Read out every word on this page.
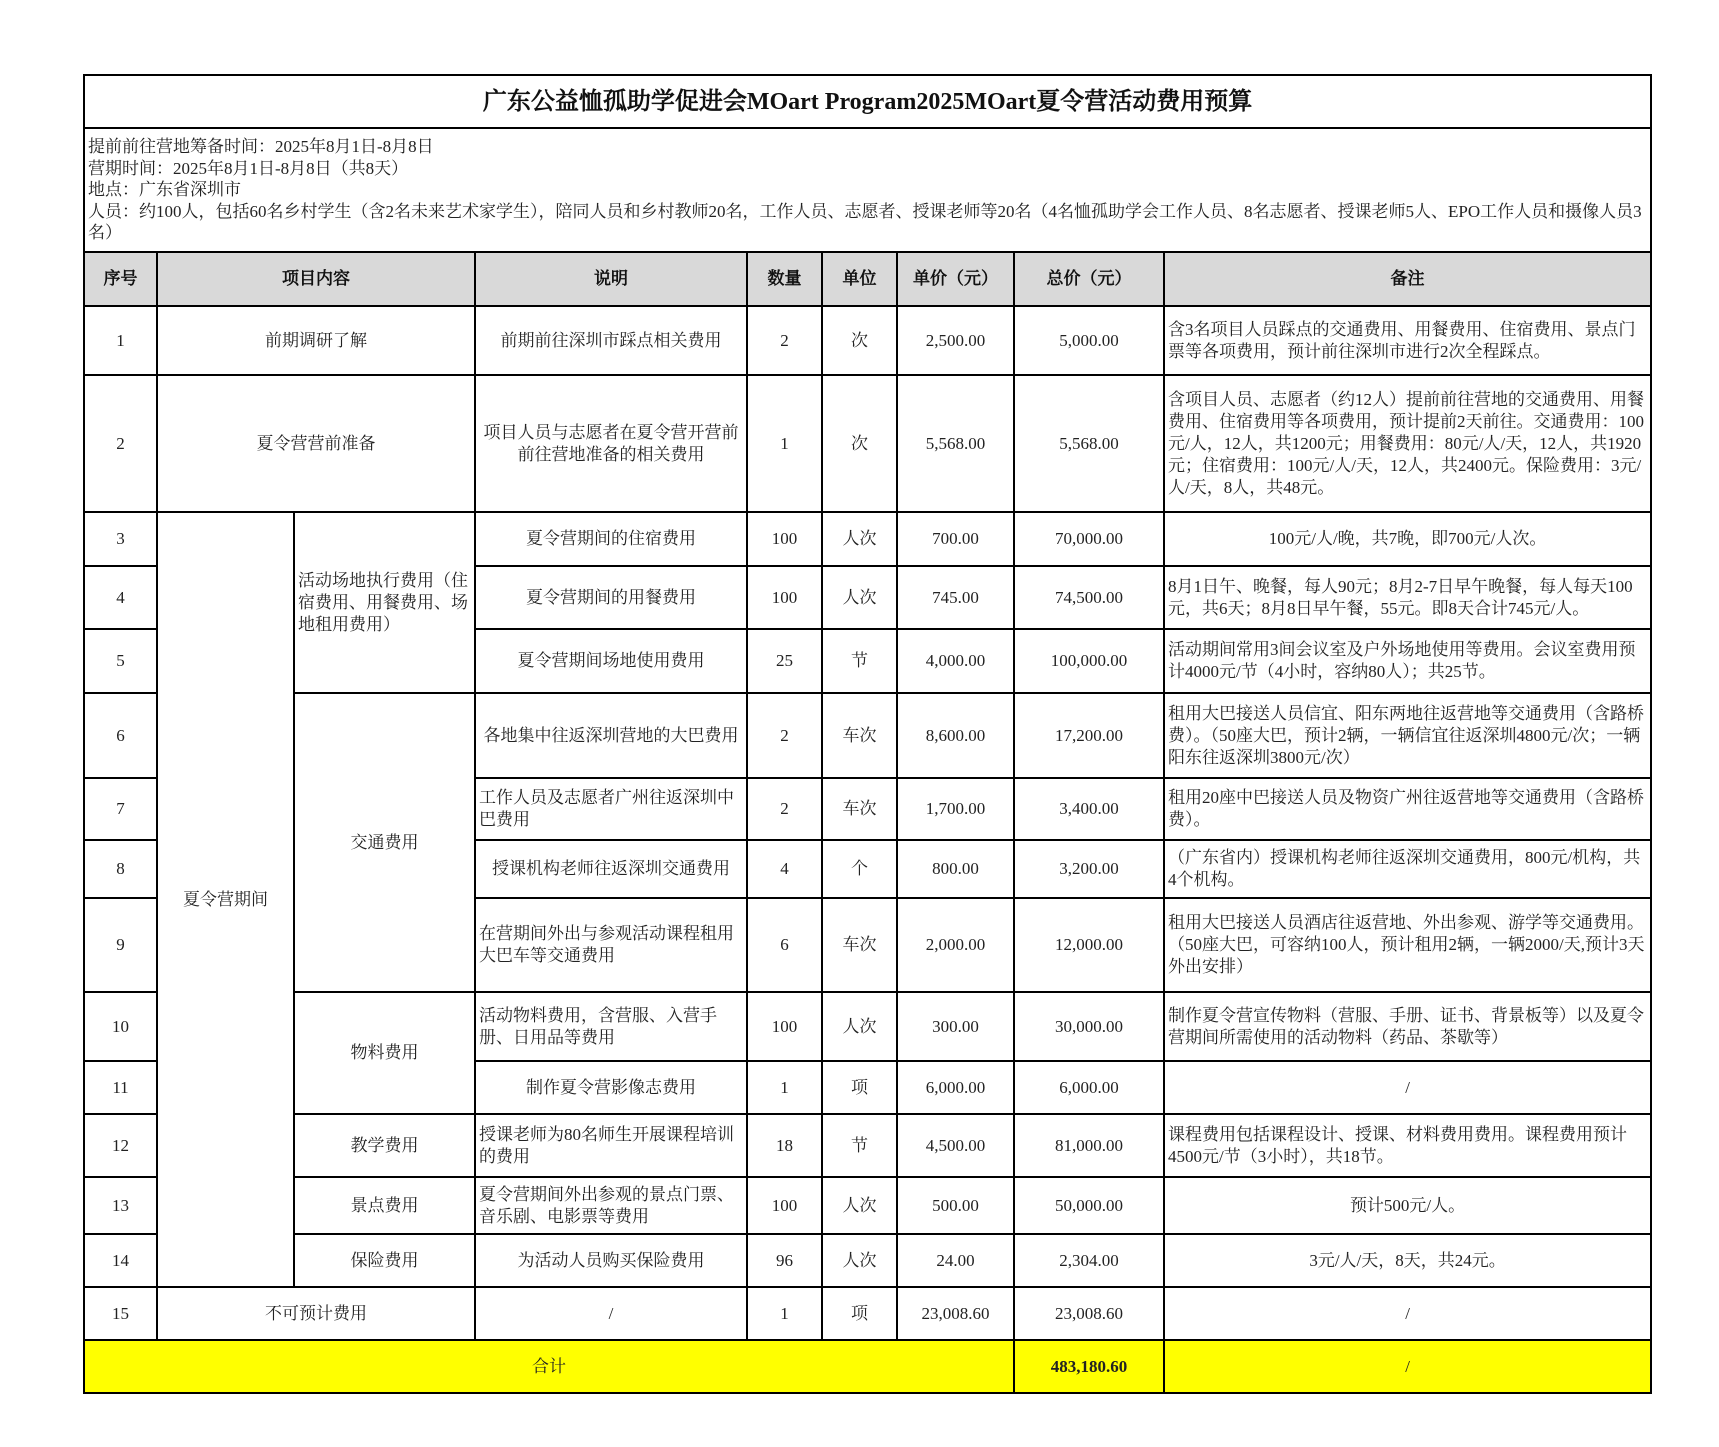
广东公益恤孤助学促进会MOart Program2025MOart夏令营活动费用预算								

提前前往营地筹备时间：2025年8月1日-8月8日
营期时间：2025年8月1日-8月8日（共8天）
地点：广东省深圳市
人员：约100人，包括60名乡村学生（含2名未来艺术家学生），陪同人员和乡村教师20名，工作人员、志愿者、授课老师等20名（4名恤孤助学会工作人员、8名志愿者、授课老师5人、EPO工作人员和摄像人员3名）								

序号	项目内容		说明	数量	单位	单价（元）	总价（元）	备注
1	前期调研了解		前期前往深圳市踩点相关费用	2	次	2,500.00	5,000.00	含3名项目人员踩点的交通费用、用餐费用、住宿费用、景点门票等各项费用，预计前往深圳市进行2次全程踩点。
2	夏令营营前准备		项目人员与志愿者在夏令营开营前前往营地准备的相关费用	1	次	5,568.00	5,568.00	含项目人员、志愿者（约12人）提前前往营地的交通费用、用餐费用、住宿费用等各项费用，预计提前2天前往。交通费用：100元/人，12人，共1200元；用餐费用：80元/人/天，12人，共1920元；住宿费用：100元/人/天，12人，共2400元。保险费用：3元/人/天，8人，共48元。
3	夏令营期间	活动场地执行费用（住宿费用、用餐费用、场地租用费用）	夏令营期间的住宿费用	100	人次	700.00	70,000.00	100元/人/晚，共7晚，即700元/人次。
4			夏令营期间的用餐费用	100	人次	745.00	74,500.00	8月1日午、晚餐，每人90元；8月2-7日早午晚餐，每人每天100元，共6天；8月8日早午餐，55元。即8天合计745元/人。
5			夏令营期间场地使用费用	25	节	4,000.00	100,000.00	活动期间常用3间会议室及户外场地使用等费用。会议室费用预计4000元/节（4小时，容纳80人）；共25节。
6		交通费用	各地集中往返深圳营地的大巴费用	2	车次	8,600.00	17,200.00	租用大巴接送人员信宜、阳东两地往返营地等交通费用（含路桥费）。（50座大巴，预计2辆，一辆信宜往返深圳4800元/次；一辆阳东往返深圳3800元/次）
7			工作人员及志愿者广州往返深圳中巴费用	2	车次	1,700.00	3,400.00	租用20座中巴接送人员及物资广州往返营地等交通费用（含路桥费）。
8			授课机构老师往返深圳交通费用	4	个	800.00	3,200.00	（广东省内）授课机构老师往返深圳交通费用，800元/机构，共4个机构。
9			在营期间外出与参观活动课程租用大巴车等交通费用	6	车次	2,000.00	12,000.00	租用大巴接送人员酒店往返营地、外出参观、游学等交通费用。（50座大巴，可容纳100人，预计租用2辆，一辆2000/天,预计3天外出安排）
10		物料费用	活动物料费用，含营服、入营手册、日用品等费用	100	人次	300.00	30,000.00	制作夏令营宣传物料（营服、手册、证书、背景板等）以及夏令营期间所需使用的活动物料（药品、茶歇等）
11			制作夏令营影像志费用	1	项	6,000.00	6,000.00	/
12		教学费用	授课老师为80名师生开展课程培训的费用	18	节	4,500.00	81,000.00	课程费用包括课程设计、授课、材料费用费用。课程费用预计4500元/节（3小时），共18节。
13		景点费用	夏令营期间外出参观的景点门票、音乐剧、电影票等费用	100	人次	500.00	50,000.00	预计500元/人。
14		保险费用	为活动人员购买保险费用	96	人次	24.00	2,304.00	3元/人/天，8天，共24元。
15	不可预计费用		/	1	项	23,008.60	23,008.60	/
合计							483,180.60	/
